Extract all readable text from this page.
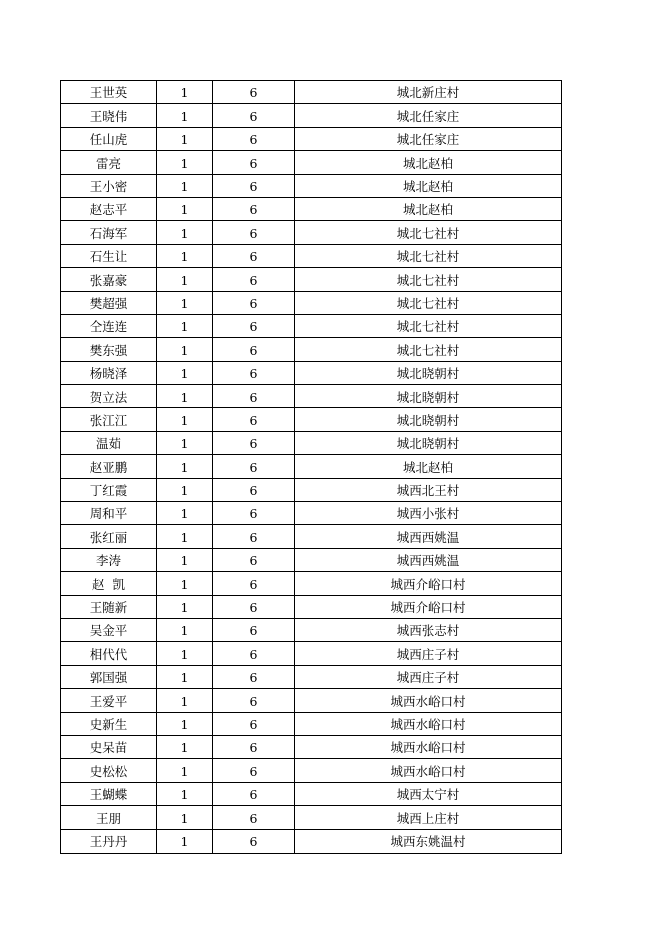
王世英	1	6	城北新庄村
王晓伟	1	6	城北任家庄
任山虎	1	6	城北任家庄
雷亮	1	6	城北赵柏
王小密	1	6	城北赵柏
赵志平	1	6	城北赵柏
石海军	1	6	城北七社村
石生让	1	6	城北七社村
张嘉豪	1	6	城北七社村
樊超强	1	6	城北七社村
仝连连	1	6	城北七社村
樊东强	1	6	城北七社村
杨晓泽	1	6	城北晓朝村
贺立法	1	6	城北晓朝村
张江江	1	6	城北晓朝村
温茹	1	6	城北晓朝村
赵亚鹏	1	6	城北赵柏
丁红霞	1	6	城西北王村
周和平	1	6	城西小张村
张红丽	1	6	城西西姚温
李涛	1	6	城西西姚温
赵  凯	1	6	城西介峪口村
王随新	1	6	城西介峪口村
吴金平	1	6	城西张志村
相代代	1	6	城西庄子村
郭国强	1	6	城西庄子村
王爱平	1	6	城西水峪口村
史新生	1	6	城西水峪口村
史呆苗	1	6	城西水峪口村
史松松	1	6	城西水峪口村
王蝴蝶	1	6	城西太宁村
王朋	1	6	城西上庄村
王丹丹	1	6	城西东姚温村
